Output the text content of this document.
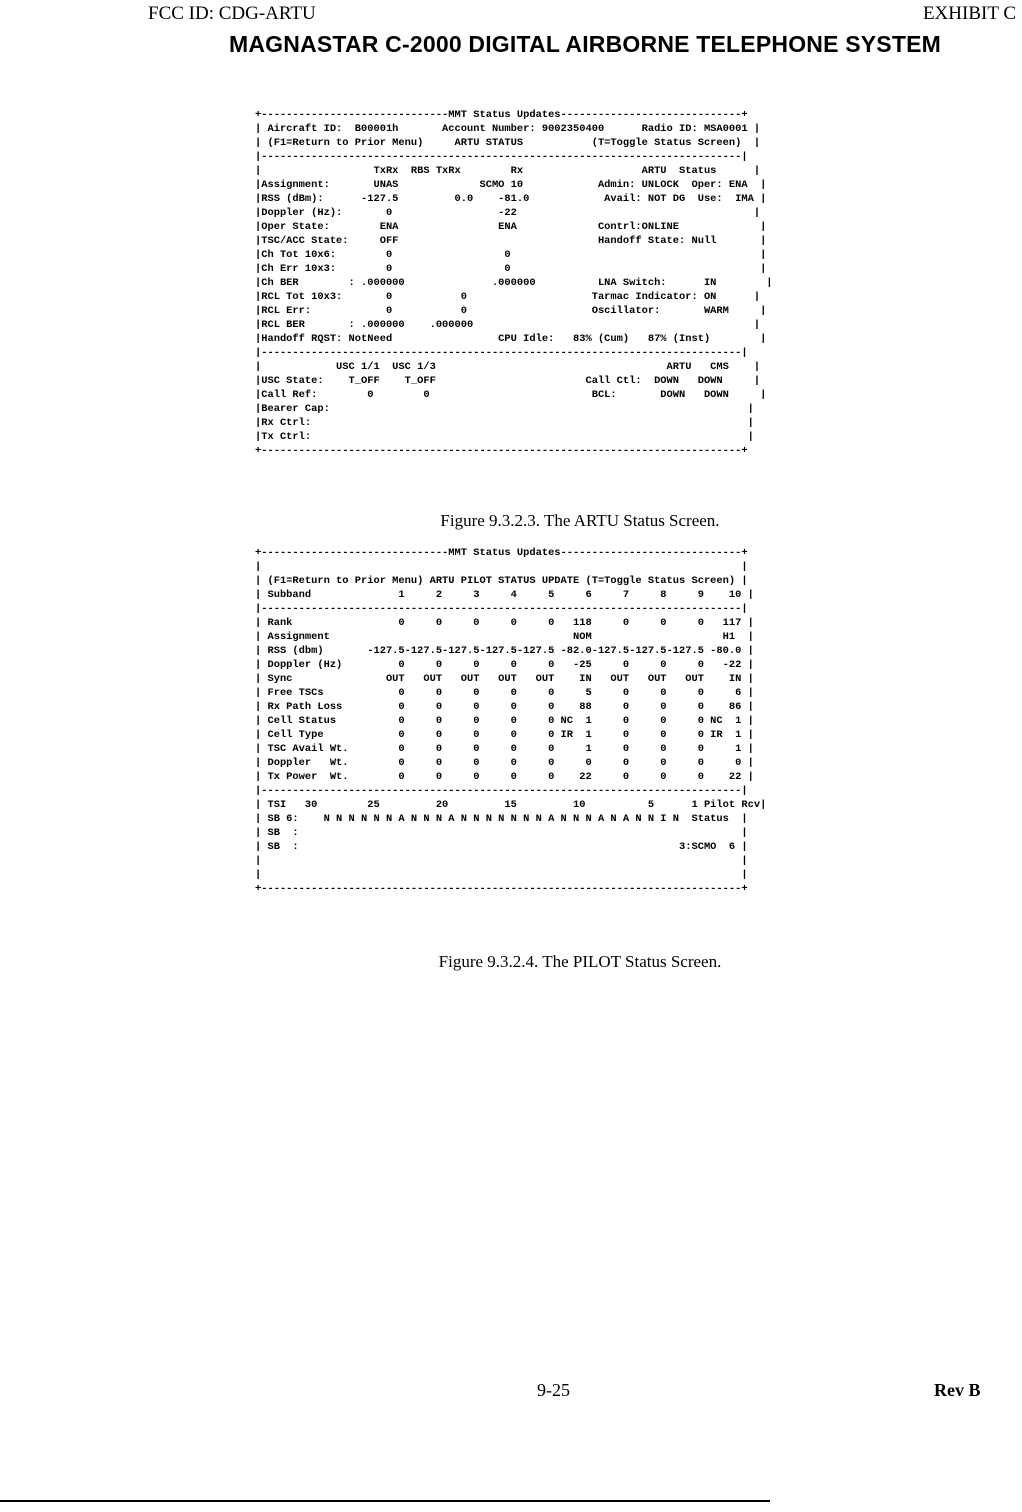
FCC ID: CDG-ARTU	EXHIBIT C
MAGNASTAR C-2000 DIGITAL AIRBORNE TELEPHONE SYSTEM
+------------------------------MMT Status Updates-----------------------------+
| Aircraft ID:  B00001h       Account Number: 9002350400      Radio ID: MSA0001 |
| (F1=Return to Prior Menu)     ARTU STATUS           (T=Toggle Status Screen)  |
|-----------------------------------------------------------------------------|
|                  TxRx  RBS TxRx        Rx                   ARTU  Status      |
|Assignment:       UNAS             SCMO 10            Admin: UNLOCK  Oper: ENA  |
|RSS (dBm):      -127.5         0.0    -81.0            Avail: NOT DG  Use:  IMA |
|Doppler (Hz):       0                 -22                                      |
|Oper State:        ENA                ENA             Contrl:ONLINE             |
|TSC/ACC State:     OFF                                Handoff State: Null       |
|Ch Tot 10x6:        0                  0                                        |
|Ch Err 10x3:        0                  0                                        |
|Ch BER        : .000000              .000000          LNA Switch:      IN        |
|RCL Tot 10x3:       0           0                    Tarmac Indicator: ON      |
|RCL Err:            0           0                    Oscillator:       WARM     |
|RCL BER       : .000000    .000000                                             |
|Handoff RQST: NotNeed                 CPU Idle:   83% (Cum)   87% (Inst)        |
|-----------------------------------------------------------------------------|
|            USC 1/1  USC 1/3                                     ARTU   CMS    |
|USC State:    T_OFF    T_OFF                        Call Ctl:  DOWN   DOWN     |
|Call Ref:        0        0                          BCL:       DOWN   DOWN     |
|Bearer Cap:                                                                   |
|Rx Ctrl:                                                                      |
|Tx Ctrl:                                                                      |
+-----------------------------------------------------------------------------+
Figure 9.3.2.3. The ARTU Status Screen.
+------------------------------MMT Status Updates-----------------------------+
|                                                                             |
| (F1=Return to Prior Menu) ARTU PILOT STATUS UPDATE (T=Toggle Status Screen) |
| Subband              1     2     3     4     5     6     7     8     9    10 |
|-----------------------------------------------------------------------------|
| Rank                 0     0     0     0     0   118     0     0     0   117 |
| Assignment                                       NOM                     H1  |
| RSS (dbm)       -127.5-127.5-127.5-127.5-127.5 -82.0-127.5-127.5-127.5 -80.0 |
| Doppler (Hz)         0     0     0     0     0   -25     0     0     0   -22 |
| Sync               OUT   OUT   OUT   OUT   OUT    IN   OUT   OUT   OUT    IN |
| Free TSCs            0     0     0     0     0     5     0     0     0     6 |
| Rx Path Loss         0     0     0     0     0    88     0     0     0    86 |
| Cell Status          0     0     0     0     0 NC  1     0     0     0 NC  1 |
| Cell Type            0     0     0     0     0 IR  1     0     0     0 IR  1 |
| TSC Avail Wt.        0     0     0     0     0     1     0     0     0     1 |
| Doppler   Wt.        0     0     0     0     0     0     0     0     0     0 |
| Tx Power  Wt.        0     0     0     0     0    22     0     0     0    22 |
|-----------------------------------------------------------------------------|
| TSI   30        25         20         15         10          5      1 Pilot Rcv|
| SB 6:    N N N N N N A N N N A N N N N N N N A N N N A N A N N I N  Status  |
| SB  :                                                                       |
| SB  :                                                             3:SCMO  6 |
|                                                                             |
|                                                                             |
+-----------------------------------------------------------------------------+
Figure 9.3.2.4. The PILOT Status Screen.
9-25	Rev B
